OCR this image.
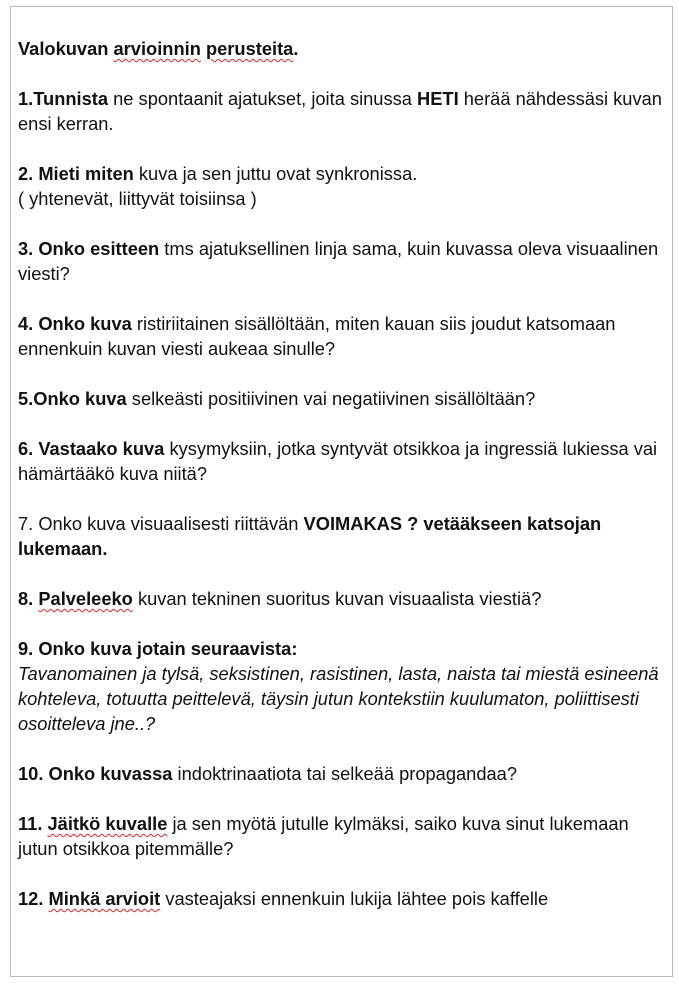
Valokuvan arvioinnin perusteita.

1.Tunnista ne spontaanit ajatukset, joita sinussa HETI herää nähdessäsi kuvan ensi kerran.

2. Mieti miten kuva ja sen juttu ovat synkronissa.

( yhtenevät, liittyvät toisiinsa )

3. Onko esitteen tms ajatuksellinen linja sama, kuin kuvassa oleva visuaalinen viesti?

4. Onko kuva ristiriitainen sisällöltään, miten kauan siis joudut katsomaan ennenkuin kuvan viesti aukeaa sinulle?

5.Onko kuva selkeästi positiivinen vai negatiivinen sisällöltään?

6. Vastaako kuva kysymyksiin, jotka syntyvät otsikkoa ja ingressiä lukiessa vai hämärtääkö kuva niitä?

7. Onko kuva visuaalisesti riittävän VOIMAKAS ? vetääkseen katsojan lukemaan.

8. Palveleeko kuvan tekninen suoritus kuvan visuaalista viestiä?

9. Onko kuva jotain seuraavista:

Tavanomainen ja tylsä, seksistinen, rasistinen, lasta, naista tai miestä esineenä kohteleva, totuutta peittelevä, täysin jutun kontekstiin kuulumaton, poliittisesti osoitteleva jne..?

10. Onko kuvassa indoktrinaatiota tai selkeää propagandaa?

11. Jäitkö kuvalle ja sen myötä jutulle kylmäksi, saiko kuva sinut lukemaan jutun otsikkoa pitemmälle?

12. Minkä arvioit vasteajaksi ennenkuin lukija lähtee pois kaffelle
